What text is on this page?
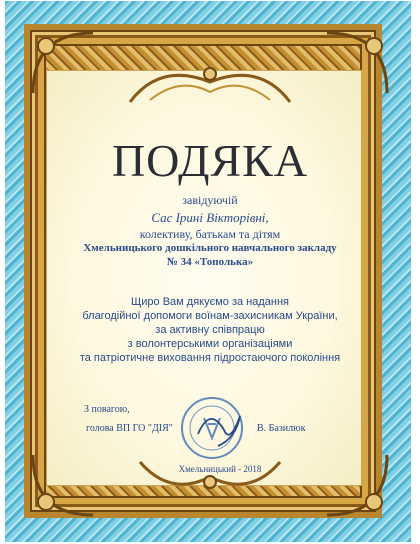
ПОДЯКА
завідуючій
Сас Ірині Вікторівні,
колективу, батькам та дітям
Хмельницького дошкільного навчального закладу
№ 34 «Тополька»
Щиро Вам дякуємо за надання
благодійної допомоги воїнам-захисникам України,
за активну співпрацю
з волонтерськими організаціями
та патріотичне виховання підростаючого покоління
З повагою,
голова ВП ГО "ДІЯ"	В. Базилюк
Хмельницький - 2018
